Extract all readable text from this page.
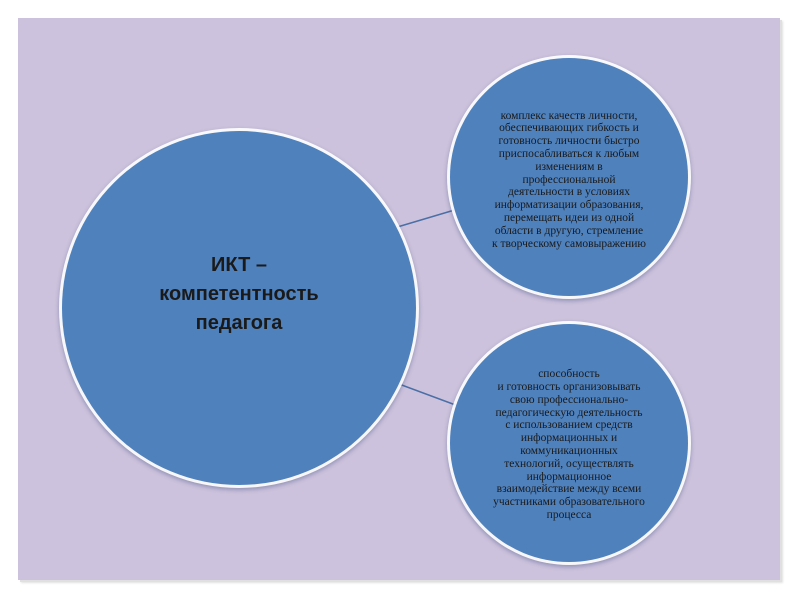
ИКТ –
компетентность
педагога
комплекс качеств личности,
обеспечивающих гибкость и
готовность личности быстро
приспосабливаться к любым
изменениям в
профессиональной
деятельности в условиях
информатизации образования,
перемещать идеи из одной
области в другую, стремление
к творческому самовыражению
способность
и готовность организовывать
свою профессионально-
педагогическую деятельность
с использованием средств
информационных и
коммуникационных
технологий, осуществлять
информационное
взаимодействие между всеми
участниками образовательного
процесса
